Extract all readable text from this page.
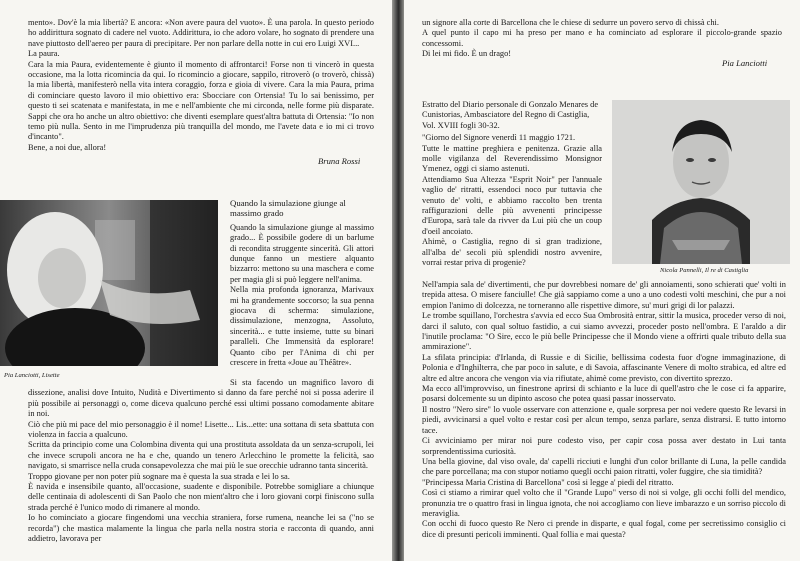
mento». Dov'è la mia libertà? E ancora: «Non avere paura del vuoto». È una parola. In questo periodo ho addirittura sognato di cadere nel vuoto. Addirittura, io che adoro volare, ho sognato di prendere una nave piuttosto dell'aereo per paura di precipitare. Per non parlare della notte in cui ero Luigi XVI...

La paura.

Cara la mia Paura, evidentemente è giunto il momento di affrontarci! Forse non ti vincerò in questa occasione, ma la lotta ricomincia da qui. Io ricomincio a giocare, sappilo, ritroverò (o troverò, chissà) la mia libertà, manifesterò nella vita intera coraggio, forza e gioia di vivere. Cara la mia Paura, prima di cominciare questo lavoro il mio obiettivo era: Sbocciare con Ortensia! Tu lo sai benissimo, per questo ti sei scatenata e manifestata, in me e nell'ambiente che mi circonda, nelle forme più disparate. Sappi che ora ho anche un altro obiettivo: che diventi esemplare quest'altra battuta di Ortensia: "Io non temo più nulla. Sento in me l'imprudenza più tranquilla del mondo, me l'avete data e io mi ci trovo d'incanto".

Bene, a noi due, allora!

Bruna Rossi
Pia Lanciotti, Lisette

Quando la simulazione giunge al massimo grado

Quando la simulazione giunge al massimo grado... È possibile godere di un barlume di recondita struggente sincerità. Gli attori dunque fanno un mestiere alquanto bizzarro: mettono su una maschera e come per magia gli si può leggere nell'anima.

Nella mia profonda ignoranza, Marivaux mi ha grandemente soccorso; la sua penna giocava di scherma: simulazione, dissimulazione, menzogna, Assoluto, sincerità... e tutte insieme, tutte su binari paralleli. Che Immensità da esplorare! Quanto cibo per l'Anima di chi per crescere in fretta «Joue au Théâtre».

Si sta facendo un magnifico lavoro di dissezione, analisi dove Intuito, Nudità e Divertimento si danno da fare perché noi si possa aderire il più possibile ai personaggi o, come diceva qualcuno perché essi ultimi possano comodamente abitare in noi.

Ciò che più mi pace del mio personaggio è il nome! Lisette... Lis...ette: una sottana di seta sbattuta con violenza in faccia a qualcuno.

Scritta da principio come una Colombina diventa qui una prostituta assoldata da un senza-scrupoli, lei che invece scrupoli ancora ne ha e che, quando un tenero Arlecchino le promette la felicità, sao navigato, si smarrisce nella cruda consapevolezza che mai più le sue orecchie udranno tanta sincerità.

Troppo giovane per non poter più sognare ma è questa la sua strada e lei lo sa.

È navida e insensibile quanto, all'occasione, suadente e disponibile. Potrebbe somigliare a chiunque delle centinaia di adolescenti di San Paolo che non mient'altro che i loro giovani corpi finiscono sulla strada perché è l'unico modo di rimanere al mondo.

Io ho cominciato a giocare fingendomi una vecchia straniera, forse rumena, neanche lei sa ("no se recorda") che mastica malamente la lingua che parla nella nostra storia e racconta di quando, anni addietro, lavorava per

un signore alla corte di Barcellona che le chiese di sedurre un povero servo di chissà chi.

A quel punto il capo mi ha preso per mano e ha cominciato ad esplorare il piccolo-grande spazio concessomi.

Di lei mi fido. È un drago!

Pia Lanciotti

Estratto del Diario personale di Gonzalo Menares de Cunistorias, Ambasciatore del Regno di Castiglia, Vol. XVIII fogli 30-32.

"Giorno del Signore venerdì 11 maggio 1721.

Tutte le mattine preghiera e penitenza. Grazie alla molle vigilanza del Reverendissimo Monsignor Ymenez, oggi ci siamo astenuti.

Attendiamo Sua Altezza "Esprit Noir" per l'annuale vaglio de' ritratti, essendoci noco pur tuttavia che venuto de' volti, e abbiamo raccolto ben trenta raffigurazioni delle più avvenenti principesse d'Europa, sarà tale da rivver da Lui più che un coup d'oeil ancoiato.

Ahimè, o Castiglia, regno di sì gran tradizione, all'alba de' secoli più splendidi nostro avvenire, vorrai restar priva di progenie?

Nicola Pannelli, Il re di Castiglia

Nell'ampia sala de' divertimenti, che pur dovrebbesi nomare de' gli annoiamenti, sono schierati que' volti in trepida attesa. O misere fanciulle! Che già sappiamo come a uno a uno codesti volti meschini, che pur a noi empion l'animo di dolcezza, ne torneranno alle rispettive dimore, su' muri grigi di lor palazzi.

Le trombe squillano, l'orchestra s'avvia ed ecco Sua Ombrosità entrar, sittir la musica, proceder verso di noi, darci il saluto, con qual soltuo fastidio, a cui siamo avvezzi, proceder posto nell'ombra. E l'araldo a dir l'inutile proclama: "O Sire, ecco le più belle Principesse che il Mondo viene a offrirti quale tributo della sua ammirazione".

La sfilata principia: d'Irlanda, di Russie e di Sicilie, bellissima codesta fuor d'ogne immaginazione, di Polonia e d'Inghilterra, che par poco in salute, e di Savoia, affascinante Venere di molto strabica, ed altre ed altre ed altre ancora che vengon via via rifiutate, ahimè come previsto, con divertito sprezzo.

Ma ecco all'improvviso, un finestrone aprirsi di schianto e la luce di quell'astro che le cose ci fa apparire, posarsi dolcemente su un dipinto ascoso che potea quasi passar inosservato.

Il nostro "Nero sire" lo vuole osservare con attenzione e, quale sorpresa per noi vedere questo Re levarsi in piedi, avvicinarsi a quel volto e restar così per alcun tempo, senza parlare, senza distrarsi. E tutto intorno tace.

Ci avviciniamo per mirar noi pure codesto viso, per capir cosa possa aver destato in Lui tanta sorprendentissima curiosità.

Una bella giovine, dal viso ovale, da' capelli ricciuti e lunghi d'un color brillante di Luna, la pelle candida che pare porcellana; ma con stupor notiamo quegli occhi paion ritratti, voler fuggire, che sia timidità?

"Principessa Maria Cristina di Barcellona" così si legge a' piedi del ritratto.

Così ci stiamo a rimirar quel volto che il "Grande Lupo" verso di noi si volge, gli occhi folli del mendico, pronunzia tre o quattro frasi in lingua ignota, che noi accogliamo con lieve imbarazzo e un sorriso piccolo di meraviglia.

Con occhi di fuoco questo Re Nero ci prende in disparte, e qual fogal, come per secretissimo consiglio ci dice di presunti pericoli imminenti. Qual follia e mai questa?
